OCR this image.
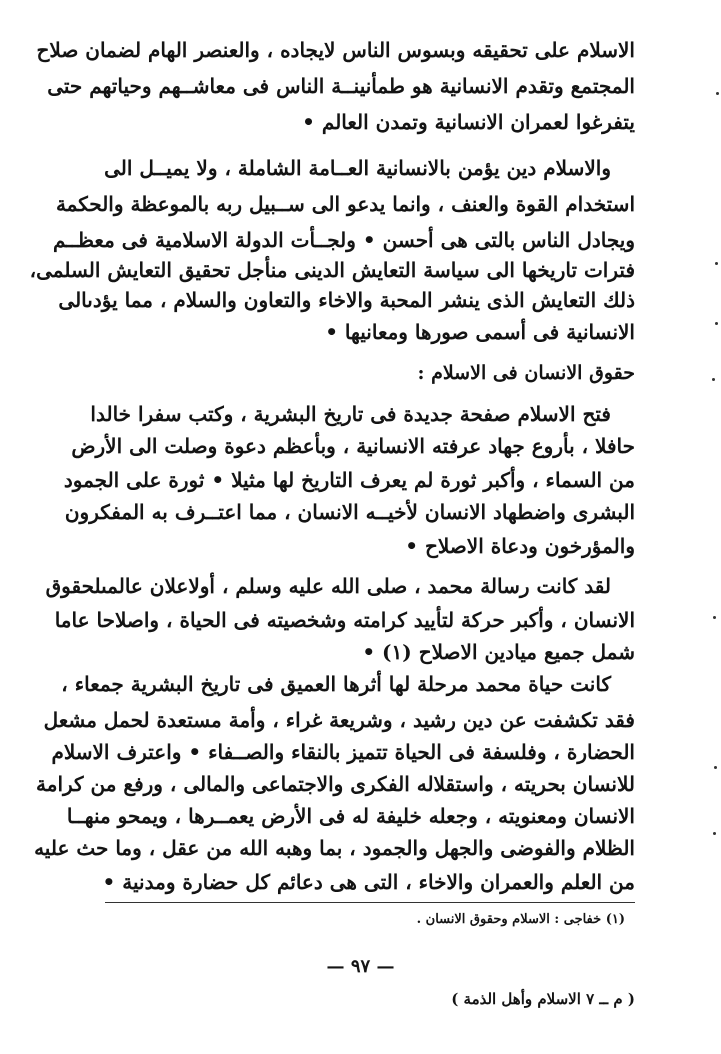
الاسلام على تحقيقه وبسوس الناس لايجاده ، والعنصر الهام لضمان صلاح
المجتمع وتقدم الانسانية هو طمأنينــة الناس فى معاشــهم وحياتهم حتى
يتفرغوا لعمران الانسانية وتمدن العالم •
والاسلام دين يؤمن بالانسانية العــامة الشاملة ، ولا يميــل الى
استخدام القوة والعنف ، وانما يدعو الى ســبيل ربه بالموعظة والحكمة
ويجادل الناس بالتى هى أحسن • ولجــأت الدولة الاسلامية فى معظــم
فترات تاريخها الى سياسة التعايش الدينى منأجل تحقيق التعايش السلمى،
ذلك التعايش الذى ينشر المحبة والاخاء والتعاون والسلام ، مما يؤدىالى
الانسانية فى أسمى صورها ومعانيها •
حقوق الانسان فى الاسلام :
فتح الاسلام صفحة جديدة فى تاريخ البشرية ، وكتب سفرا خالدا
حافلا ، بأروع جهاد عرفته الانسانية ، وبأعظم دعوة وصلت الى الأرض
من السماء ، وأكبر ثورة لم يعرف التاريخ لها مثيلا • ثورة على الجمود
البشرى واضطهاد الانسان لأخيــه الانسان ، مما اعتــرف به المفكرون
والمؤرخون ودعاة الاصلاح •
لقد كانت رسالة محمد ، صلى الله عليه وسلم ، أولاعلان عالمىلحقوق
الانسان ، وأكبر حركة لتأييد كرامته وشخصيته فى الحياة ، واصلاحا عاما
شمل جميع ميادين الاصلاح (١) •
كانت حياة محمد مرحلة لها أثرها العميق فى تاريخ البشرية جمعاء ،
فقد تكشفت عن دين رشيد ، وشريعة غراء ، وأمة مستعدة لحمل مشعل
الحضارة ، وفلسفة فى الحياة تتميز بالنقاء والصــفاء • واعترف الاسلام
للانسان بحريته ، واستقلاله الفكرى والاجتماعى والمالى ، ورفع من كرامة
الانسان ومعنويته ، وجعله خليفة له فى الأرض يعمــرها ، ويمحو منهــا
الظلام والفوضى والجهل والجمود ، بما وهبه الله من عقل ، وما حث عليه
من العلم والعمران والاخاء ، التى هى دعائم كل حضارة ومدنية •
(١) خفاجى : الاسلام وحقوق الانسان .
— ٩٧ —
( م ــ ٧ الاسلام وأهل الذمة )
